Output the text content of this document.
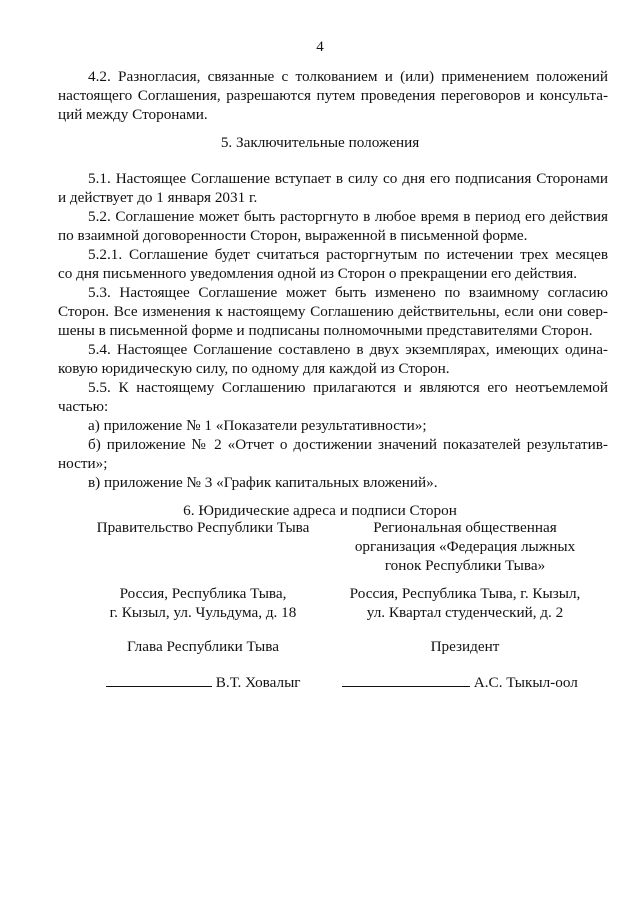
4
4.2. Разногласия, связанные с толкованием и (или) применением положений
настоящего Соглашения, разрешаются путем проведения переговоров и консульта-
ций между Сторонами.
5. Заключительные положения
5.1. Настоящее Соглашение вступает в силу со дня его подписания Сторонами
и действует до 1 января 2031 г.
5.2. Соглашение может быть расторгнуто в любое время в период его действия
по взаимной договоренности Сторон, выраженной в письменной форме.
5.2.1. Соглашение будет считаться расторгнутым по истечении трех месяцев
со дня письменного уведомления одной из Сторон о прекращении его действия.
5.3. Настоящее Соглашение может быть изменено по взаимному согласию
Сторон. Все изменения к настоящему Соглашению действительны, если они совер-
шены в письменной форме и подписаны полномочными представителями Сторон.
5.4. Настоящее Соглашение составлено в двух экземплярах, имеющих одина-
ковую юридическую силу, по одному для каждой из Сторон.
5.5. К настоящему Соглашению прилагаются и являются его неотъемлемой
частью:
а) приложение № 1 «Показатели результативности»;
б) приложение № 2 «Отчет о достижении значений показателей результатив-
ности»;
в) приложение № 3 «График капитальных вложений».
6. Юридические адреса и подписи Сторон
Правительство Республики Тыва
Россия, Республика Тыва,
г. Кызыл, ул. Чульдума, д. 18
Глава Республики Тыва
В.Т. Ховалыг
Региональная общественная
организация «Федерация лыжных
гонок Республики Тыва»
Россия, Республика Тыва, г. Кызыл,
ул. Квартал студенческий, д. 2
Президент
А.С. Тыкыл-оол
